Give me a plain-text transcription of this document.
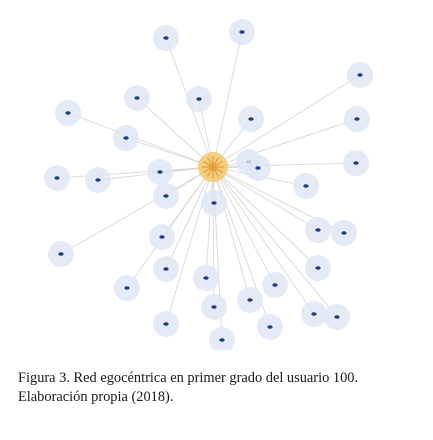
Figura 3. Red egocéntrica en primer grado del usuario 100.
Elaboración propia (2018).
